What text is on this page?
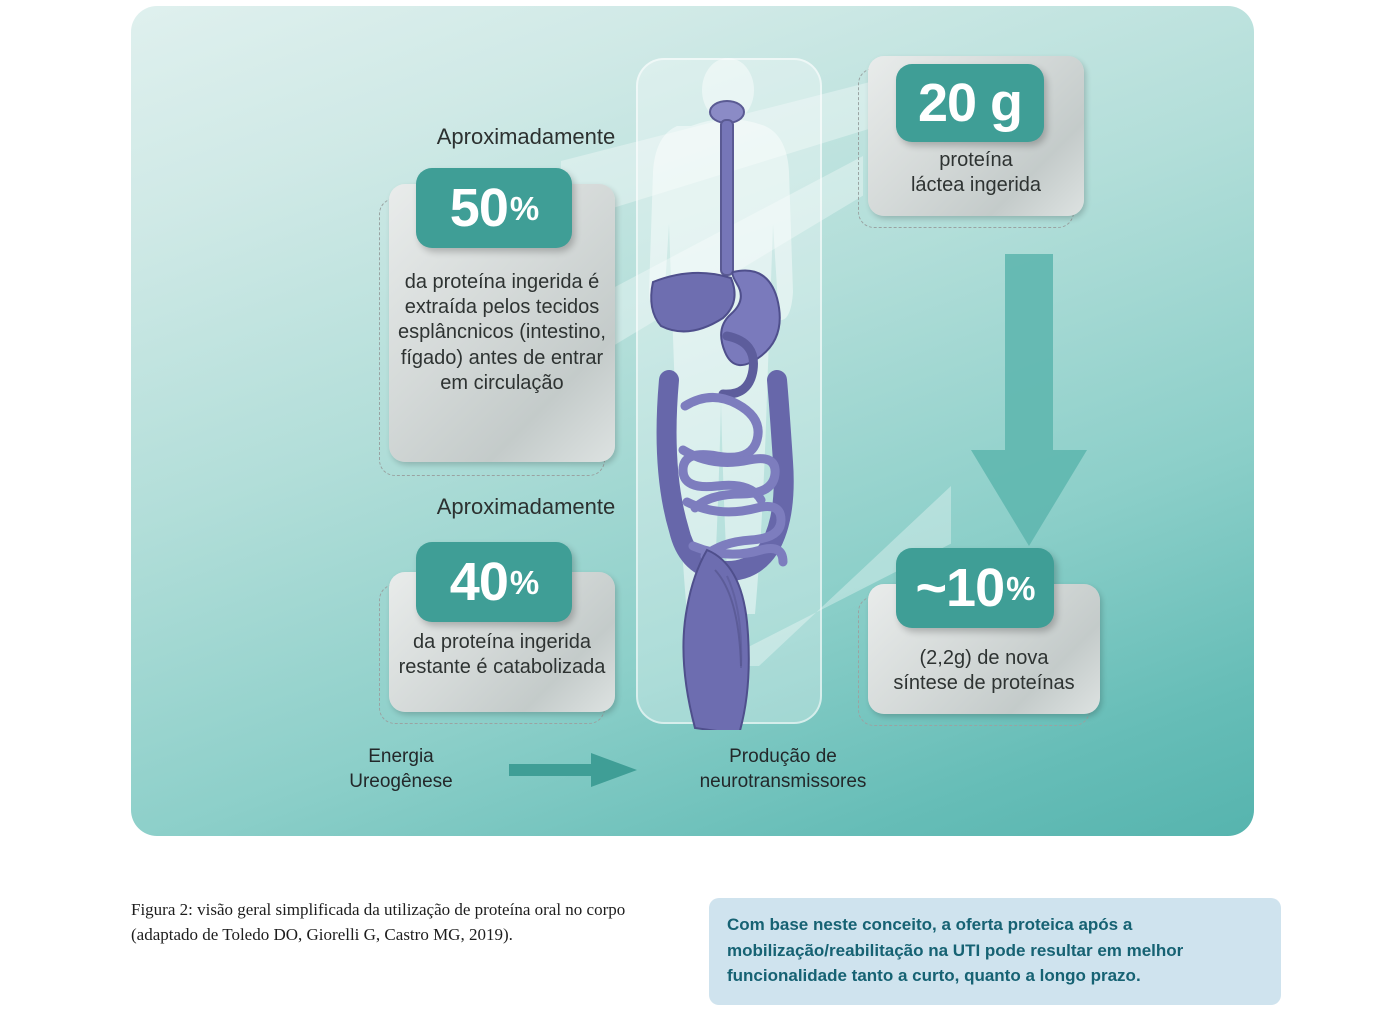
proteína
láctea ingerida
20 g
Aproximadamente
da proteína ingerida é extraída pelos tecidos esplâncnicos (intestino, fígado) antes de entrar em circulação
50 %
Aproximadamente
da proteína ingerida restante é catabolizada
40 %
(2,2g) de nova
síntese de proteínas
~10 %
Energia
Ureogênese
Produção de
neurotransmissores
Figura 2: visão geral simplificada da utilização de proteína oral no corpo (adaptado de Toledo DO, Giorelli G, Castro MG, 2019).
Com base neste conceito, a oferta proteica após a mobilização/reabilitação na UTI pode resultar em melhor funcionalidade tanto a curto, quanto a longo prazo.
